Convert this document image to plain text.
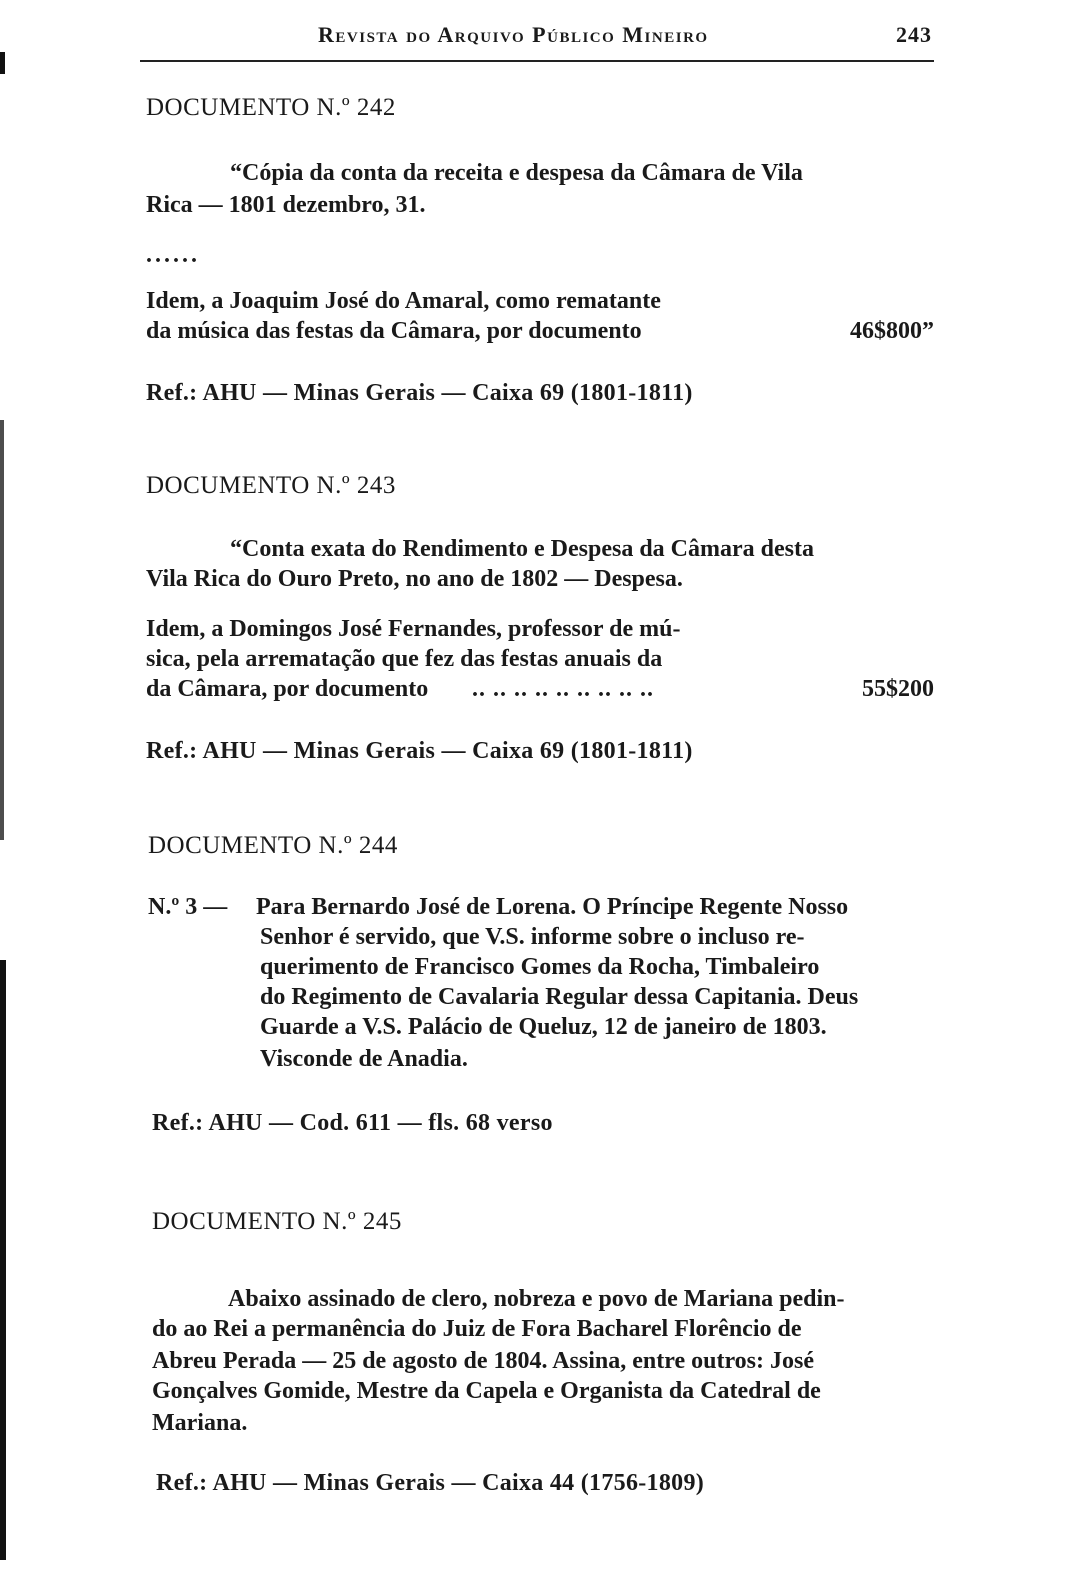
Revista do Arquivo Público Mineiro	243
DOCUMENTO N.º 242
“Cópia da conta da receita e despesa da Câmara de Vila
Rica — 1801 dezembro, 31.
......
Idem, a Joaquim José do Amaral, como rematante
da música das festas da Câmara, por documento	46$800”
Ref.: AHU — Minas Gerais — Caixa 69 (1801-1811)
DOCUMENTO N.º 243
“Conta exata do Rendimento e Despesa da Câmara desta
Vila Rica do Ouro Preto, no ano de 1802 — Despesa.
Idem, a Domingos José Fernandes, professor de mú-
sica, pela arrematação que fez das festas anuais da
da Câmara, por documento .. .. .. .. .. .. .. .. ..	55$200
Ref.: AHU — Minas Gerais — Caixa 69 (1801-1811)
DOCUMENTO N.º 244
N.º 3 — Para Bernardo José de Lorena. O Príncipe Regente Nosso
Senhor é servido, que V.S. informe sobre o incluso re-
querimento de Francisco Gomes da Rocha, Timbaleiro
do Regimento de Cavalaria Regular dessa Capitania. Deus
Guarde a V.S. Palácio de Queluz, 12 de janeiro de 1803.
Visconde de Anadia.
Ref.: AHU — Cod. 611 — fls. 68 verso
DOCUMENTO N.º 245
Abaixo assinado de clero, nobreza e povo de Mariana pedin-
do ao Rei a permanência do Juiz de Fora Bacharel Florêncio de
Abreu Perada — 25 de agosto de 1804. Assina, entre outros: José
Gonçalves Gomide, Mestre da Capela e Organista da Catedral de
Mariana.
Ref.: AHU — Minas Gerais — Caixa 44 (1756-1809)
